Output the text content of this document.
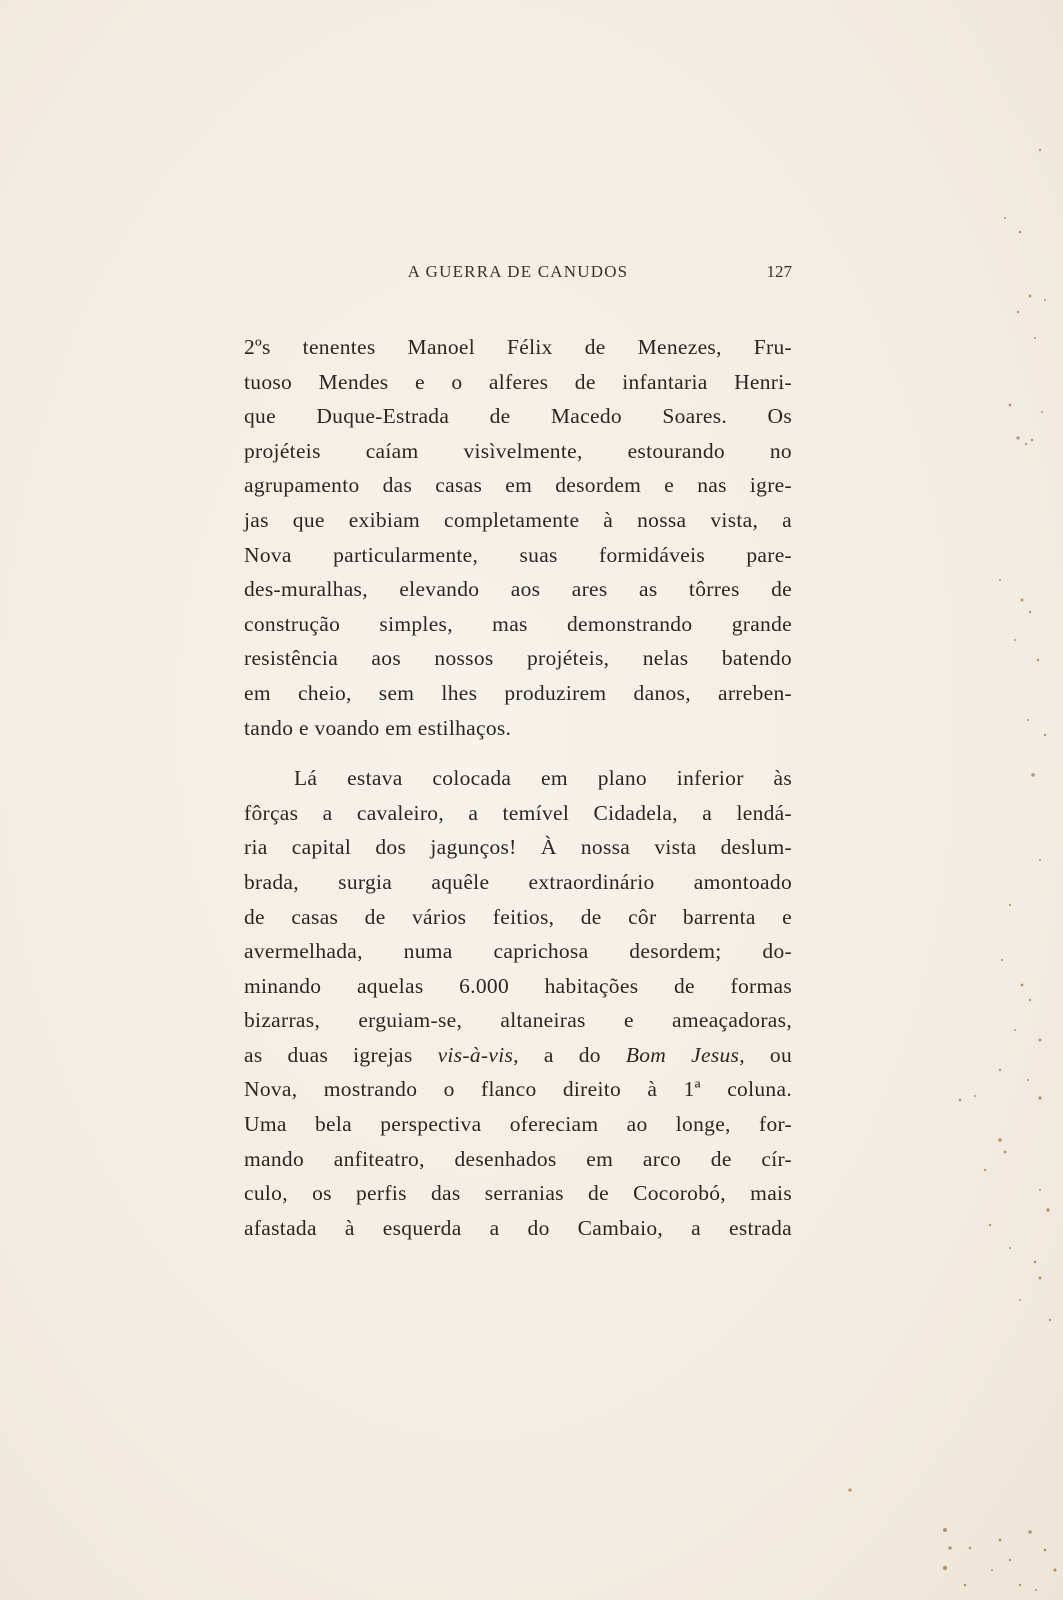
A GUERRA DE CANUDOS	127
2ºs tenentes Manoel Félix de Menezes, Fru-
tuoso Mendes e o alferes de infantaria Henri-
que Duque-Estrada de Macedo Soares. Os
projéteis caíam visìvelmente, estourando no
agrupamento das casas em desordem e nas igre-
jas que exibiam completamente à nossa vista, a
Nova particularmente, suas formidáveis pare-
des-muralhas, elevando aos ares as tôrres de
construção simples, mas demonstrando grande
resistência aos nossos projéteis, nelas batendo
em cheio, sem lhes produzirem danos, arreben-
tando e voando em estilhaços.
Lá estava colocada em plano inferior às
fôrças a cavaleiro, a temível Cidadela, a lendá-
ria capital dos jagunços! À nossa vista deslum-
brada, surgia aquêle extraordinário amontoado
de casas de vários feitios, de côr barrenta e
avermelhada, numa caprichosa desordem; do-
minando aquelas 6.000 habitações de formas
bizarras, erguiam-se, altaneiras e ameaçadoras,
as duas igrejas vis-à-vis, a do Bom Jesus, ou
Nova, mostrando o flanco direito à 1ª coluna.
Uma bela perspectiva ofereciam ao longe, for-
mando anfiteatro, desenhados em arco de cír-
culo, os perfis das serranias de Cocorobó, mais
afastada à esquerda a do Cambaio, a estrada
